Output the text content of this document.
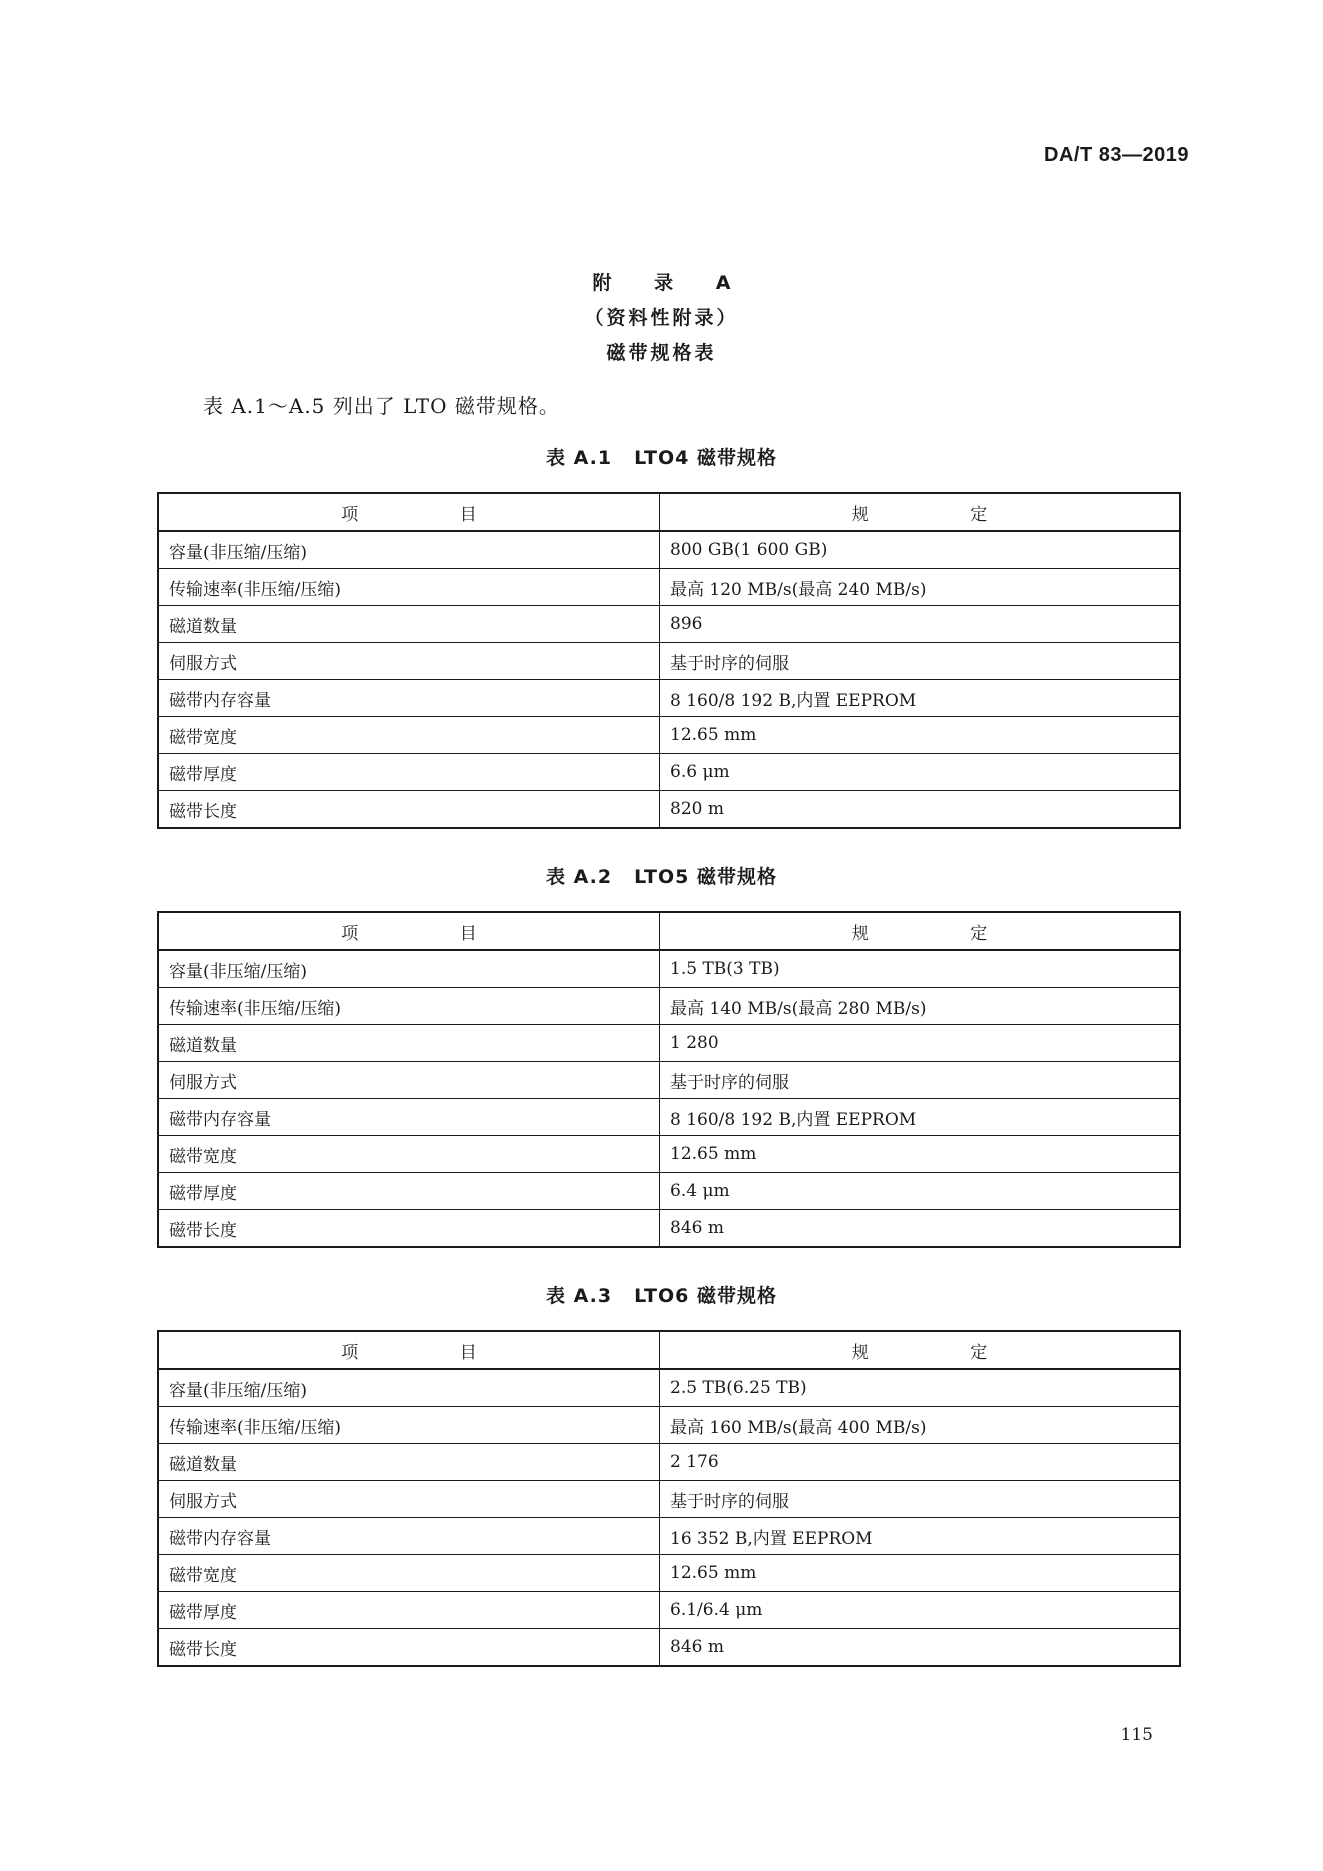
DA/T 83—2019
附 录 A
（资料性附录）
磁带规格表
表 A.1～A.5 列出了 LTO 磁带规格。
表 A.1 LTO4 磁带规格
项 目	规 定
容量(非压缩/压缩)	800 GB(1 600 GB)
传输速率(非压缩/压缩)	最高 120 MB/s(最高 240 MB/s)
磁道数量	896
伺服方式	基于时序的伺服
磁带内存容量	8 160/8 192 B,内置 EEPROM
磁带宽度	12.65 mm
磁带厚度	6.6 μm
磁带长度	820 m
表 A.2 LTO5 磁带规格
项 目	规 定
容量(非压缩/压缩)	1.5 TB(3 TB)
传输速率(非压缩/压缩)	最高 140 MB/s(最高 280 MB/s)
磁道数量	1 280
伺服方式	基于时序的伺服
磁带内存容量	8 160/8 192 B,内置 EEPROM
磁带宽度	12.65 mm
磁带厚度	6.4 μm
磁带长度	846 m
表 A.3 LTO6 磁带规格
项 目	规 定
容量(非压缩/压缩)	2.5 TB(6.25 TB)
传输速率(非压缩/压缩)	最高 160 MB/s(最高 400 MB/s)
磁道数量	2 176
伺服方式	基于时序的伺服
磁带内存容量	16 352 B,内置 EEPROM
磁带宽度	12.65 mm
磁带厚度	6.1/6.4 μm
磁带长度	846 m
115
